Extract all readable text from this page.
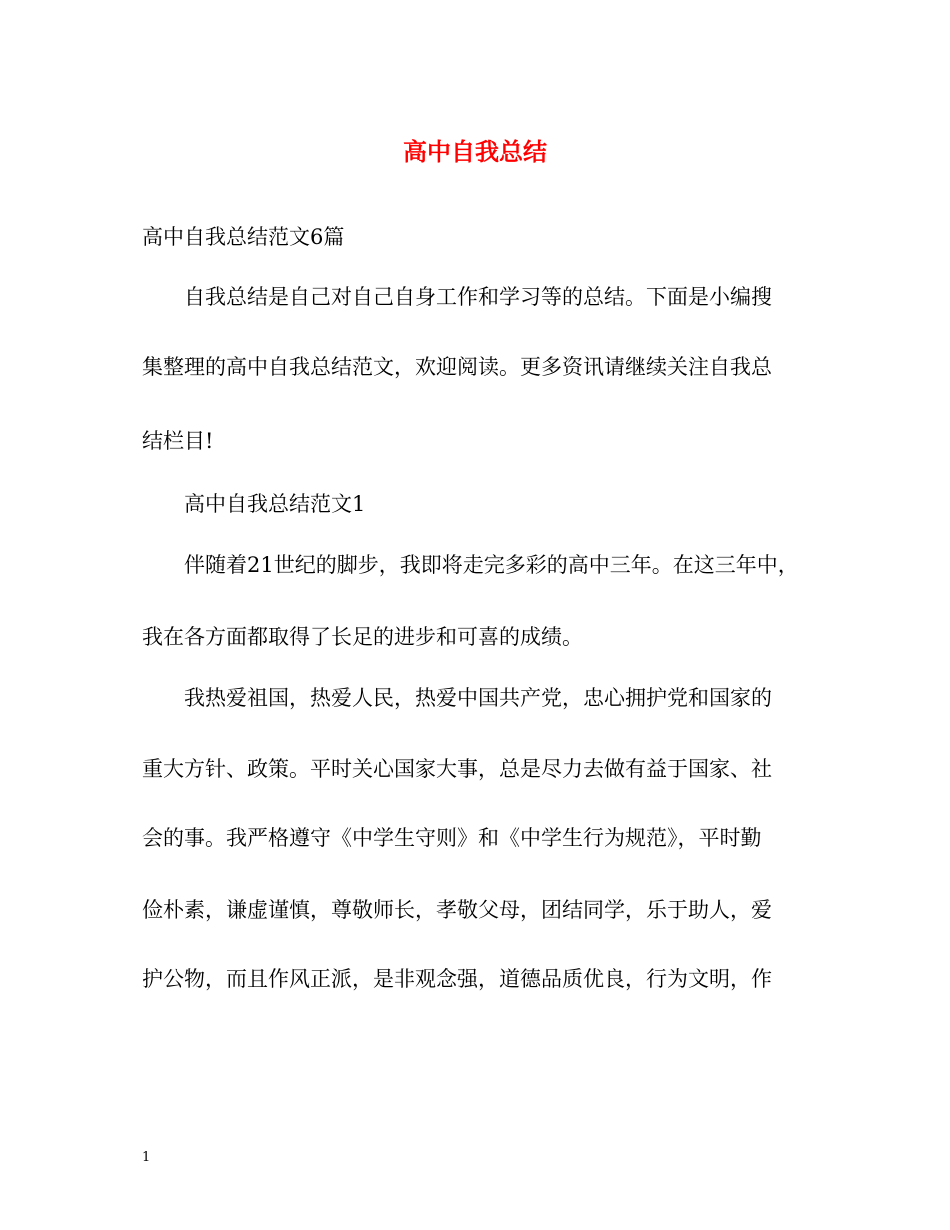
高中自我总结

高中自我总结范文6篇

自我总结是自己对自己自身工作和学习等的总结。下面是小编搜

集整理的高中自我总结范文，欢迎阅读。更多资讯请继续关注自我总

结栏目!

高中自我总结范文1

伴随着21世纪的脚步，我即将走完多彩的高中三年。在这三年中，

我在各方面都取得了长足的进步和可喜的成绩。

我热爱祖国，热爱人民，热爱中国共产党，忠心拥护党和国家的

重大方针、政策。平时关心国家大事，总是尽力去做有益于国家、社

会的事。我严格遵守《中学生守则》和《中学生行为规范》，平时勤

俭朴素，谦虚谨慎，尊敬师长，孝敬父母，团结同学，乐于助人，爱

护公物，而且作风正派，是非观念强，道德品质优良，行为文明，作

1
